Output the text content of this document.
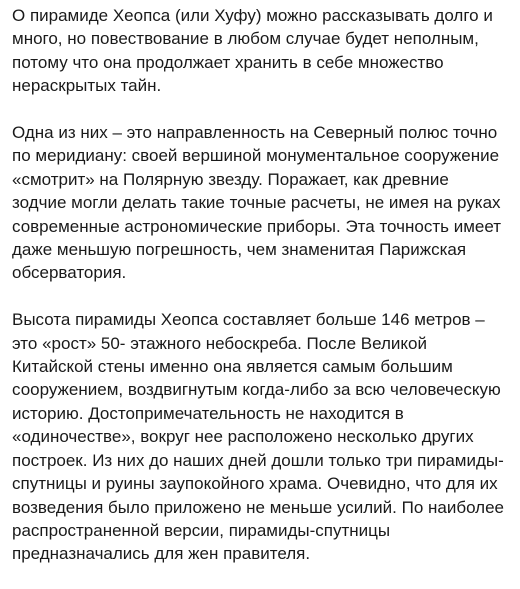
О пирамиде Хеопса (или Хуфу) можно рассказывать долго и
много, но повествование в любом случае будет неполным,
потому что она продолжает хранить в себе множество
нераскрытых тайн.

Одна из них – это направленность на Северный полюс точно
по меридиану: своей вершиной монументальное сооружение
«смотрит» на Полярную звезду. Поражает, как древние
зодчие могли делать такие точные расчеты, не имея на руках
современные астрономические приборы. Эта точность имеет
даже меньшую погрешность, чем знаменитая Парижская
обсерватория.

Высота пирамиды Хеопса составляет больше 146 метров –
это «рост» 50- этажного небоскреба. После Великой
Китайской стены именно она является самым большим
сооружением, воздвигнутым когда-либо за всю человеческую
историю. Достопримечательность не находится в
«одиночестве», вокруг нее расположено несколько других
построек. Из них до наших дней дошли только три пирамиды-
спутницы и руины заупокойного храма. Очевидно, что для их
возведения было приложено не меньше усилий. По наиболее
распространенной версии, пирамиды-спутницы
предназначались для жен правителя.
